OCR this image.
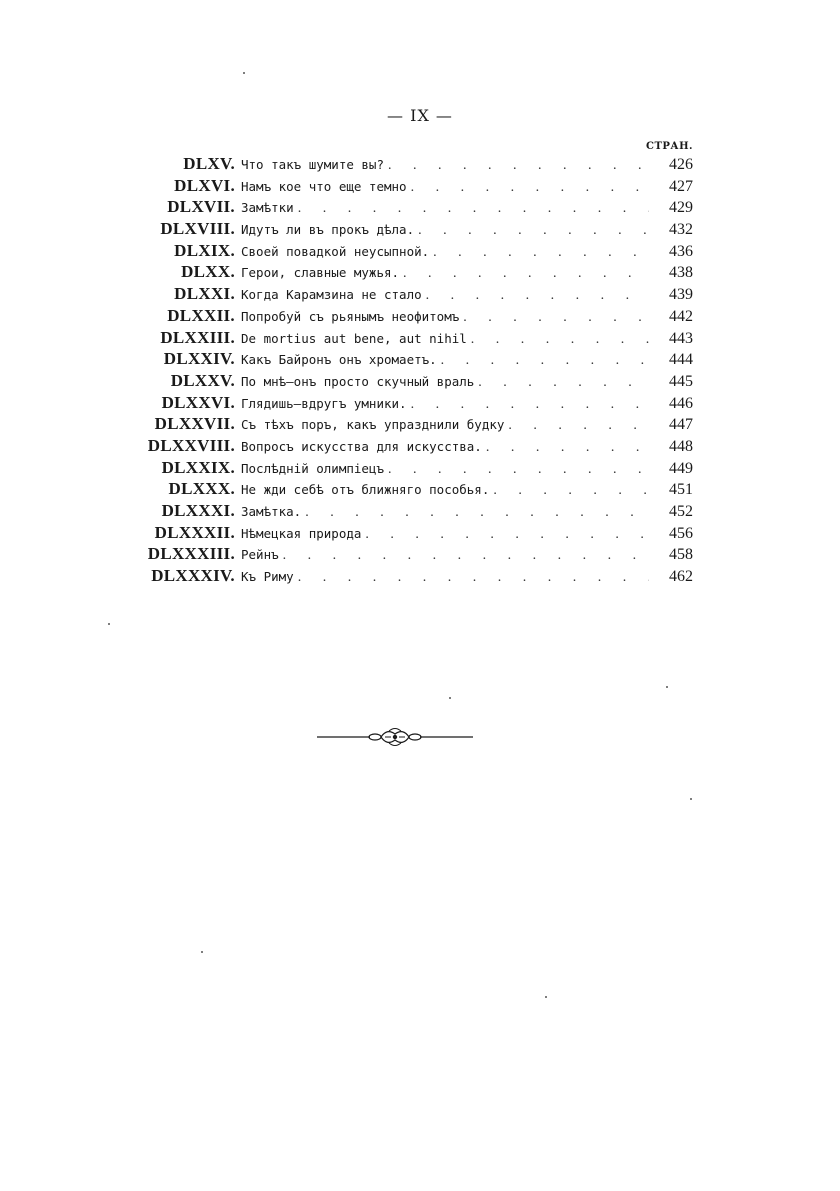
— IX —
СТРАН.
DLXV. Что такъ шумите вы? . . .	426
DLXVI. Намъ кое что еще темно . . .	427
DLXVII. Замѣтки . . .	429
DLXVIII. Идутъ ли въ прокъ дѣла. . . .	432
DLXIX. Своей повадкой неусыпной. . . .	436
DLXX. Герои, славные мужья. . . .	438
DLXXI. Когда Карамзина не стало . . .	439
DLXXII. Попробуй съ рьянымъ неофитомъ . . .	442
DLXXIII. De mortius aut bene, aut nihil . . .	443
DLXXIV. Какъ Байронъ онъ хромаетъ. . . .	444
DLXXV. По мнѣ—онъ просто скучный враль . . .	445
DLXXVI. Глядишь—вдругъ умники. . . .	446
DLXXVII. Съ тѣхъ поръ, какъ упразднили будку . . .	447
DLXXVIII. Вопросъ искусства для искусства. . . .	448
DLXXIX. Послѣднiй олимпiецъ . . .	449
DLXXX. Не жди себѣ отъ ближняго пособья. . . .	451
DLXXXI. Замѣтка. . . .	452
DLXXXII. Нѣмецкая природа . . .	456
DLXXXIII. Рейнъ . . .	458
DLXXXIV. Къ Риму . . .	462
